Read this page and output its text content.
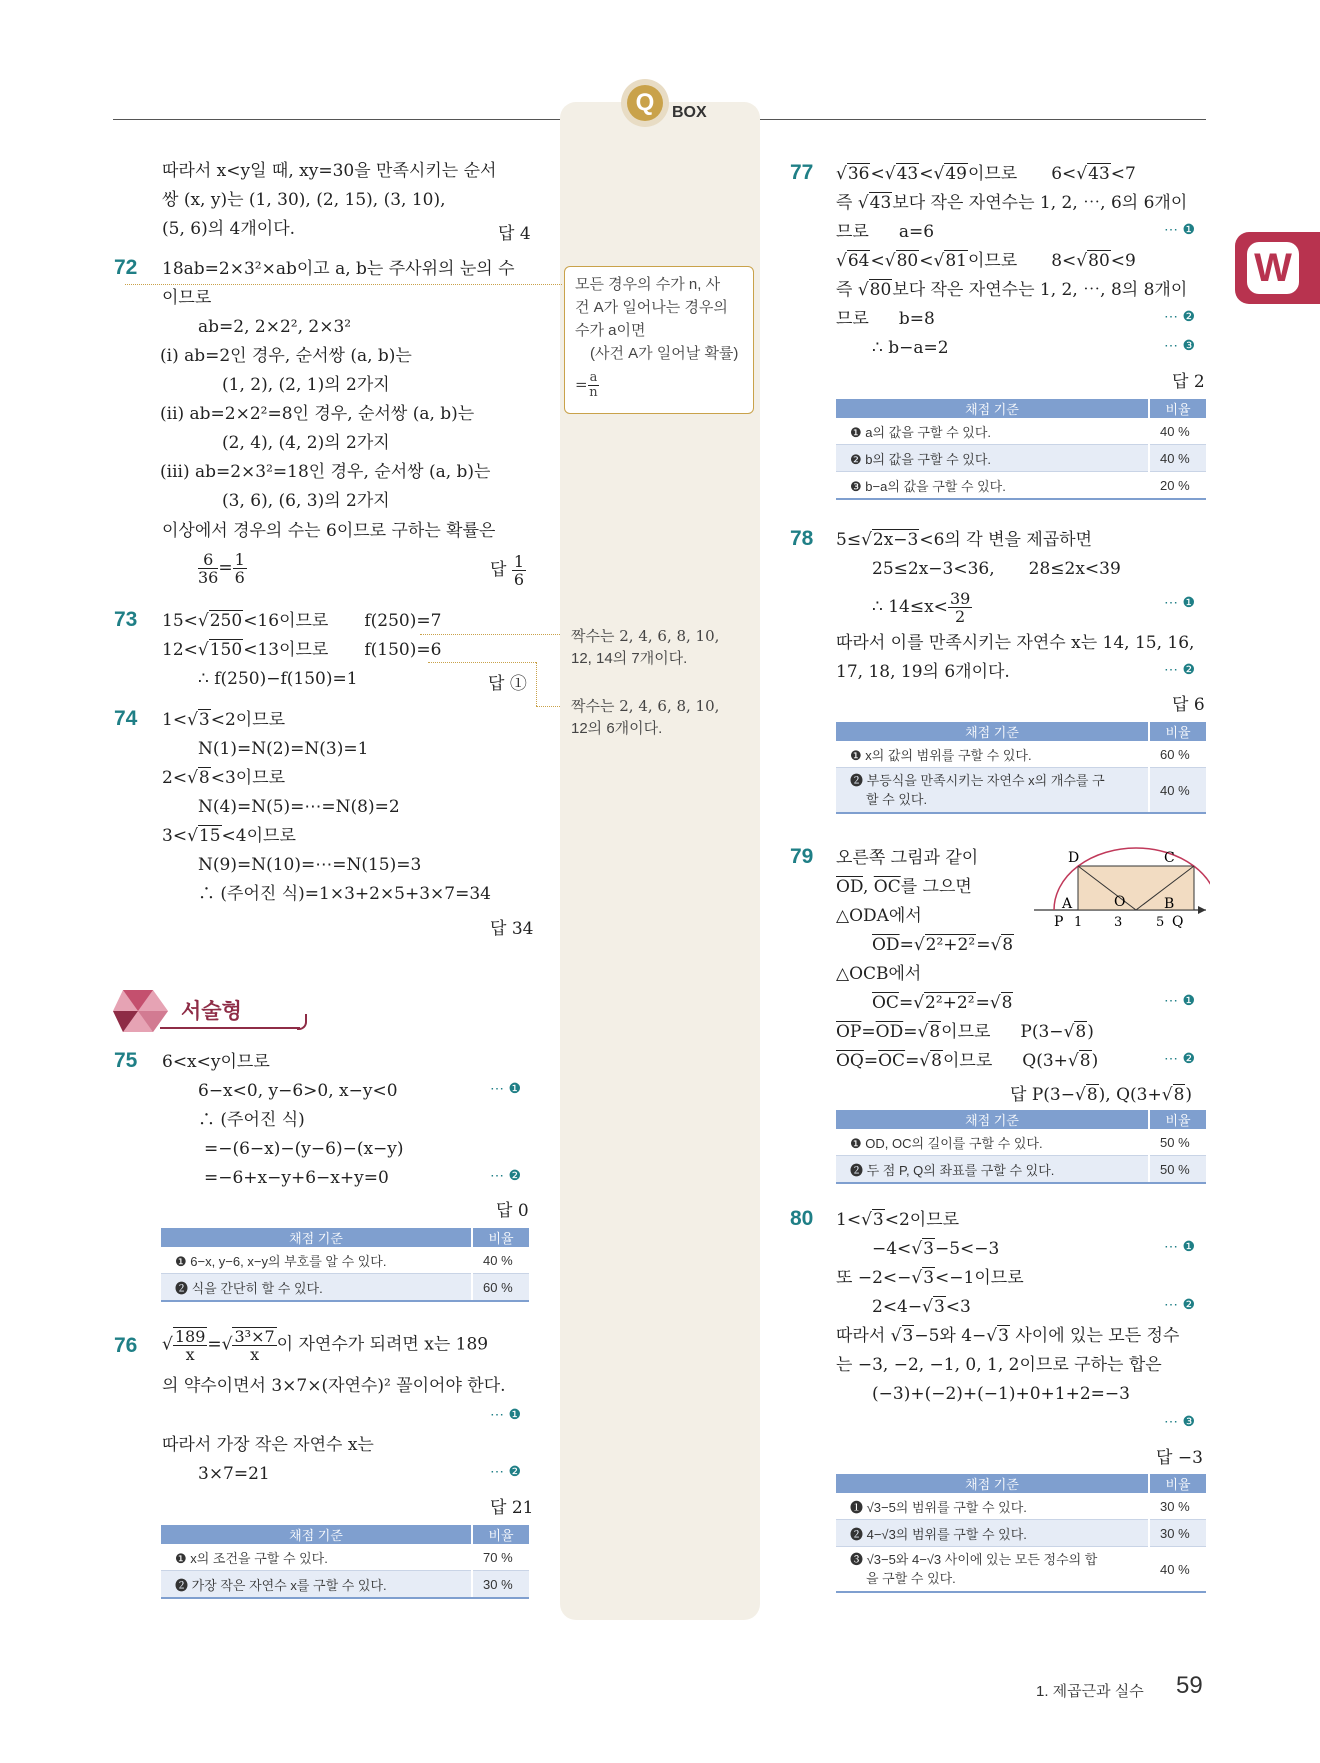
Q	BOX
W
따라서 x<y일 때, xy=30을 만족시키는 순서
쌍 (x, y)는 (1, 30), (2, 15), (3, 10),
(5, 6)의 4개이다.	답 4
72 18ab=2×3²×ab이고 a, b는 주사위의 눈의 수
이므로
ab=2, 2×2², 2×3²
(i) ab=2인 경우, 순서쌍 (a, b)는
(1, 2), (2, 1)의 2가지
(ii) ab=2×2²=8인 경우, 순서쌍 (a, b)는
(2, 4), (4, 2)의 2가지
(iii) ab=2×3²=18인 경우, 순서쌍 (a, b)는
(3, 6), (6, 3)의 2가지
이상에서 경우의 수는 6이므로 구하는 확률은
$\frac{6}{36} = \frac{1}{6}$	답 $\frac{1}{6}$
모든 경우의 수가 n, 사
건 A가 일어나는 경우의
수가 a이면
(사건 A가 일어날 확률)
= $\frac{a}{n}$
73 15<√250<16이므로 f(250)=7
12<√150<13이므로 f(150)=6
∴ f(250)−f(150)=1	답 ①
짝수는 2, 4, 6, 8, 10,
12, 14의 7개이다.
짝수는 2, 4, 6, 8, 10,
12의 6개이다.
74 1<√3<2이므로
N(1)=N(2)=N(3)=1
2<√8<3이므로
N(4)=N(5)=⋯=N(8)=2
3<√15<4이므로
N(9)=N(10)=⋯=N(15)=3
∴ (주어진 식)=1×3+2×5+3×7=34
답 34
서술형
75 6<x<y이므로
6−x<0, y−6>0, x−y<0	⋯ ❶
∴ (주어진 식)
=−(6−x)−(y−6)−(x−y)
=−6+x−y+6−x+y=0	⋯ ❷
답 0
채점 기준	비율
❶ 6−x, y−6, x−y의 부호를 알 수 있다.	40 %
❷ 식을 간단히 할 수 있다.	60 %
76 √ $\frac{189}{x}$ =√ $\frac{\text{3³×7}}{x}$ 이 자연수가 되려면 x는 189
의 약수이면서 3×7×(자연수)² 꼴이어야 한다.
⋯ ❶
따라서 가장 작은 자연수 x는
3×7=21	⋯ ❷
답 21
채점 기준	비율
❶ x의 조건을 구할 수 있다.	70 %
❷ 가장 작은 자연수 x를 구할 수 있다.	30 %
77 √36<√43<√49이므로 6<√43<7
즉 √43보다 작은 자연수는 1, 2, ⋯, 6의 6개이
므로 a=6	⋯ ❶
√64<√80<√81이므로 8<√80<9
즉 √80보다 작은 자연수는 1, 2, ⋯, 8의 8개이
므로 b=8	⋯ ❷
∴ b−a=2	⋯ ❸
답 2
채점 기준	비율
❶ a의 값을 구할 수 있다.	40 %
❷ b의 값을 구할 수 있다.	40 %
❸ b−a의 값을 구할 수 있다.	20 %
78 5≤√2x−3<6의 각 변을 제곱하면
25≤2x−3<36, 28≤2x<39
∴ $14\le x< \frac{39}{2}$	⋯ ❶
따라서 이를 만족시키는 자연수 x는 14, 15, 16,
17, 18, 19의 6개이다.	⋯ ❷
답 6
채점 기준	비율
❶ x의 값의 범위를 구할 수 있다.	60 %
❷ 부등식을 만족시키는 자연수 x의 개수를 구
할 수 있다.	40 %
79 오른쪽 그림과 같이
$\overline{OD}$, $\overline{OC}$를 그으면
△ODA에서
$\overline{OD}=√2^2+2^2=√8$
△OCB에서
$\overline{OC}=√2^2+2^2=√8$	⋯ ❶
$\overline{OP}=\overline{OD}=√8$이므로 P(3−√8)
$\overline{OQ}=\overline{OC}=√8$이므로 Q(3+√8)	⋯ ❷
답 P(3−√8), Q(3+√8)
D	C
A	O	B
P 1 3	5 Q
채점 기준	비율
❶ OD, OC의 길이를 구할 수 있다.	50 %
❷ 두 점 P, Q의 좌표를 구할 수 있다.	50 %
80 1<√3<2이므로
−4<√3−5<−3	⋯ ❶
또 −2<−√3<−1이므로
2<4−√3<3	⋯ ❷
따라서 √3−5와 4−√3 사이에 있는 모든 정수
는 −3, −2, −1, 0, 1, 2이므로 구하는 합은
(−3)+(−2)+(−1)+0+1+2=−3
⋯ ❸
답 −3
채점 기준	비율
❶ √3−5의 범위를 구할 수 있다.	30 %
❷ 4−√3의 범위를 구할 수 있다.	30 %
❸ √3−5와 4−√3 사이에 있는 모든 정수의 합
을 구할 수 있다.	40 %
1. 제곱근과 실수 59
